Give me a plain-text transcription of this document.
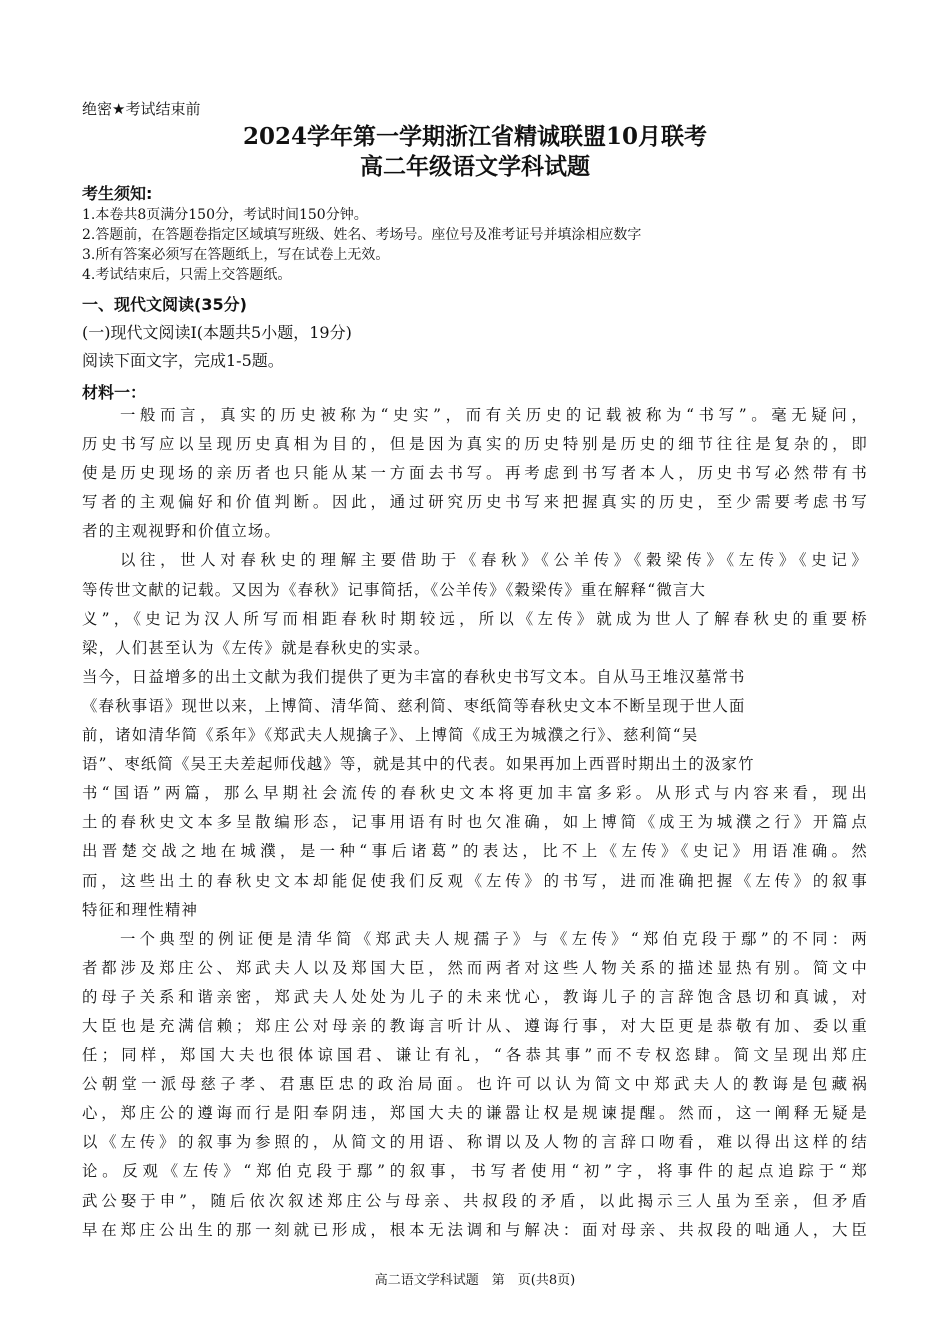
绝密★考试结束前
2024学年第一学期浙江省精诚联盟10月联考
高二年级语文学科试题
考生须知:
1.本卷共8页满分150分，考试时间150分钟。
2.答题前，在答题卷指定区域填写班级、姓名、考场号。座位号及准考证号并填涂相应数字
3.所有答案必须写在答题纸上，写在试卷上无效。
4.考试结束后，只需上交答题纸。
一、现代文阅读(35分)
(一)现代文阅读I(本题共5小题，19分)
阅读下面文字，完成1-5题。
材料一：
一般而言，真实的历史被称为“史实”，而有关历史的记载被称为“书写”。毫无疑问，
历史书写应以呈现历史真相为目的，但是因为真实的历史特别是历史的细节往往是复杂的，即
使是历史现场的亲历者也只能从某一方面去书写。再考虑到书写者本人，历史书写必然带有书
写者的主观偏好和价值判断。因此，通过研究历史书写来把握真实的历史，至少需要考虑书写
者的主观视野和价值立场。
以往，世人对春秋史的理解主要借助于《春秋》《公羊传》《穀梁传》《左传》《史记》
等传世文献的记载。又因为《春秋》记事简括，《公羊传》《穀梁传》重在解释“微言大
义”，《史记为汉人所写而相距春秋时期较远，所以《左传》就成为世人了解春秋史的重要桥
梁，人们甚至认为《左传》就是春秋史的实录。
当今，日益增多的出土文献为我们提供了更为丰富的春秋史书写文本。自从马王堆汉墓常书
《春秋事语》现世以来，上博简、清华简、慈利简、枣纸简等春秋史文本不断呈现于世人面
前，诸如清华简《系年》《郑武夫人规擒子》、上博简《成王为城濮之行》、慈利简“吴
语”、枣纸简《吴王夫差起师伐越》等，就是其中的代表。如果再加上西晋时期出土的汲家竹
书“国语”两篇，那么早期社会流传的春秋史文本将更加丰富多彩。从形式与内容来看，现出
土的春秋史文本多呈散编形态，记事用语有时也欠准确，如上博简《成王为城濮之行》开篇点
出晋楚交战之地在城濮，是一种“事后诸葛”的表达，比不上《左传》《史记》用语准确。然
而，这些出土的春秋史文本却能促使我们反观《左传》的书写，进而准确把握《左传》的叙事
特征和理性精神
一个典型的例证便是清华简《郑武夫人规孺子》与《左传》“郑伯克段于鄢”的不同：两
者都涉及郑庄公、郑武夫人以及郑国大臣，然而两者对这些人物关系的描述显热有别。简文中
的母子关系和谐亲密，郑武夫人处处为儿子的未来忧心，教诲儿子的言辞饱含恳切和真诚，对
大臣也是充满信赖；郑庄公对母亲的教诲言听计从、遵诲行事，对大臣更是恭敬有加、委以重
任；同样，郑国大夫也很体谅国君、谦让有礼，“各恭其事”而不专权恣肆。简文呈现出郑庄
公朝堂一派母慈子孝、君惠臣忠的政治局面。也许可以认为简文中郑武夫人的教诲是包藏祸
心，郑庄公的遵诲而行是阳奉阴违，郑国大夫的谦嚣让权是规谏提醒。然而，这一阐释无疑是
以《左传》的叙事为参照的，从简文的用语、称谓以及人物的言辞口吻看，难以得出这样的结
论。反观《左传》“郑伯克段于鄢”的叙事，书写者使用“初”字，将事件的起点追踪于“郑
武公娶于申”，随后依次叙述郑庄公与母亲、共叔段的矛盾，以此揭示三人虽为至亲，但矛盾
早在郑庄公出生的那一刻就已形成，根本无法调和与解决：面对母亲、共叔段的咄通人，大臣
高二语文学科试题　第　页(共8页)
